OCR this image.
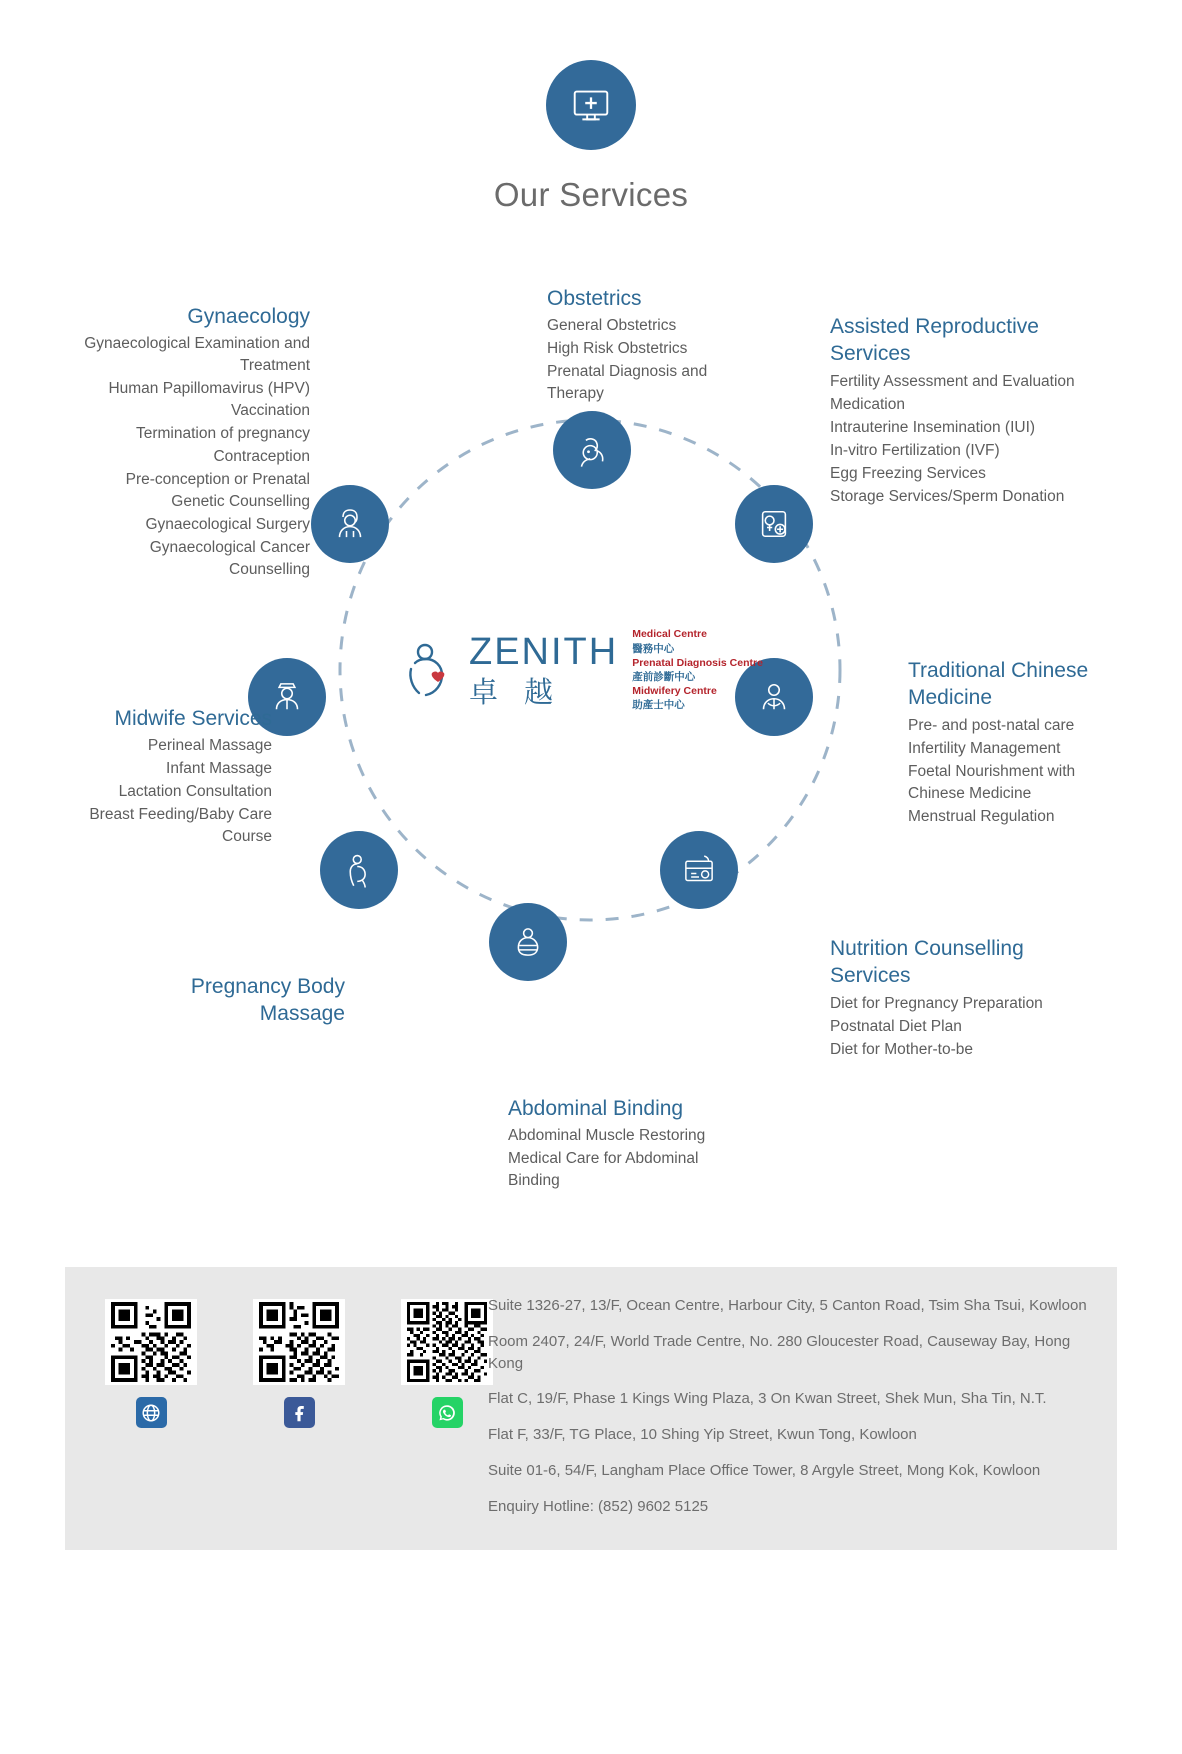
Our Services
Obstetrics
General Obstetrics
High Risk Obstetrics
Prenatal Diagnosis and Therapy
Assisted Reproductive Services
Fertility Assessment and Evaluation
Medication
Intrauterine Insemination (IUI)
In-vitro Fertilization (IVF)
Egg Freezing Services
Storage Services/Sperm Donation
Traditional Chinese Medicine
Pre- and post-natal care
Infertility Management
Foetal Nourishment with Chinese Medicine
Menstrual Regulation
Nutrition Counselling Services
Diet for Pregnancy Preparation
Postnatal Diet Plan
Diet for Mother-to-be
Abdominal Binding
Abdominal Muscle Restoring
Medical Care for Abdominal Binding
Pregnancy Body Massage
Midwife Services
Perineal Massage
Infant Massage
Lactation Consultation
Breast Feeding/Baby Care Course
Gynaecology
Gynaecological Examination and Treatment
Human Papillomavirus (HPV) Vaccination
Termination of pregnancy
Contraception
Pre-conception or Prenatal Genetic Counselling
Gynaecological Surgery
Gynaecological Cancer Counselling
ZENITH
卓越
Medical Centre
醫務中心
Prenatal Diagnosis Centre
產前診斷中心
Midwifery Centre
助產士中心

Suite 1326-27, 13/F, Ocean Centre, Harbour City, 5 Canton Road, Tsim Sha Tsui, Kowloon

Room 2407, 24/F, World Trade Centre, No. 280 Gloucester Road, Causeway Bay, Hong Kong

Flat C, 19/F, Phase 1 Kings Wing Plaza, 3 On Kwan Street, Shek Mun, Sha Tin, N.T.

Flat F, 33/F, TG Place, 10 Shing Yip Street, Kwun Tong, Kowloon

Suite 01-6, 54/F, Langham Place Office Tower, 8 Argyle Street, Mong Kok, Kowloon

Enquiry Hotline: (852) 9602 5125
